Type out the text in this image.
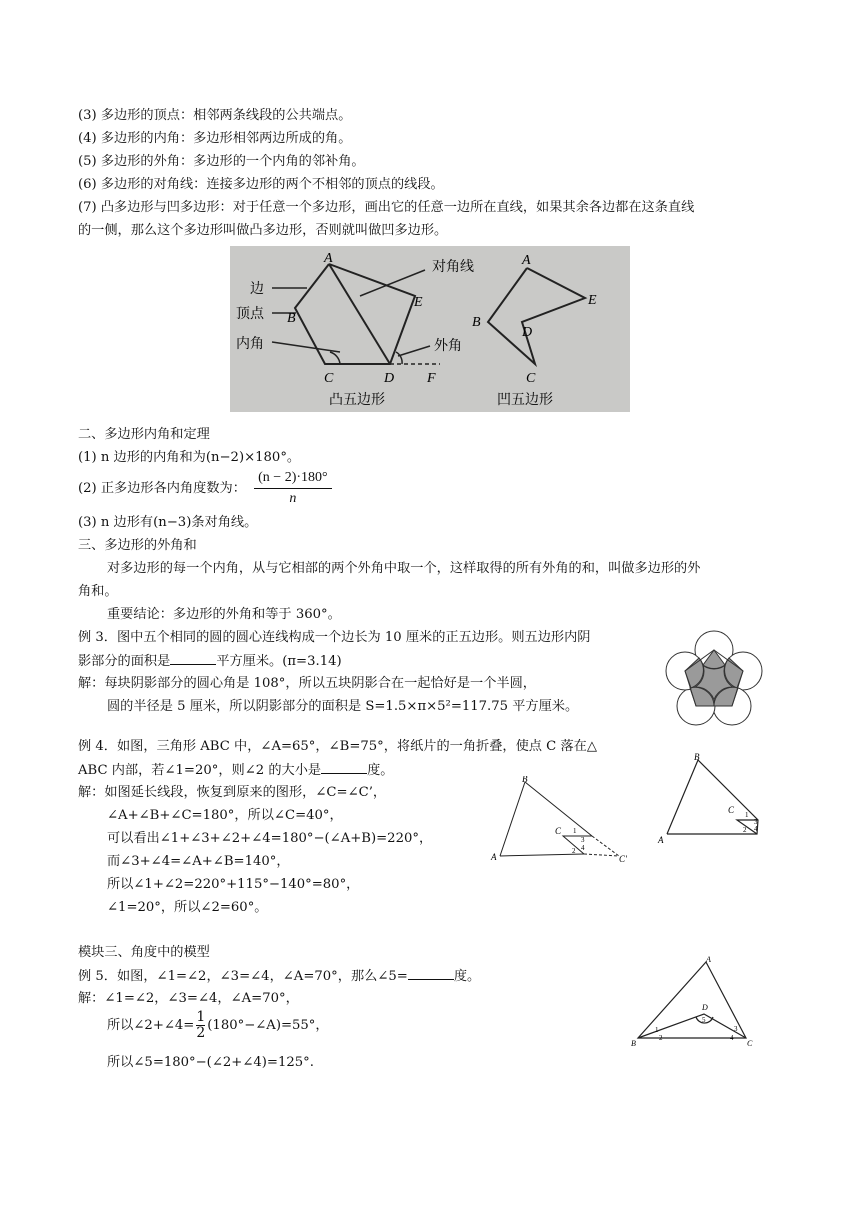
(3) 多边形的顶点：相邻两条线段的公共端点。
(4) 多边形的内角：多边形相邻两边所成的角。
(5) 多边形的外角：多边形的一个内角的邻补角。
(6) 多边形的对角线：连接多边形的两个不相邻的顶点的线段。
(7) 凸多边形与凹多边形：对于任意一个多边形，画出它的任意一边所在直线，如果其余各边都在这条直线
的一侧，那么这个多边形叫做凸多边形，否则就叫做凹多边形。
边
顶点
内角
对角线
外角
凸五边形	凹五边形
A
E
B
C	D F
A
E
B
D
C
二、多边形内角和定理
(1) n 边形的内角和为(n−2)×180°。
(2) 正多边形各内角度数为： $\frac{(n - 2)\cdot 180^\circ}{n}$
(3) n 边形有(n−3)条对角线。
三、多边形的外角和
对多边形的每一个内角，从与它相部的两个外角中取一个，这样取得的所有外角的和，叫做多边形的外
角和。
重要结论：多边形的外角和等于 360°。
例 3．图中五个相同的圆的圆心连线构成一个边长为 10 厘米的正五边形。则五边形内阴
影部分的面积是	平方厘米。(π=3.14)
解：每块阴影部分的圆心角是 108°，所以五块阴影合在一起恰好是一个半圆，
圆的半径是 5 厘米，所以阴影部分的面积是 S=1.5×π×5²=117.75 平方厘米。
例 4．如图，三角形 ABC 中，∠A=65°，∠B=75°，将纸片的一角折叠，使点 C 落在△
ABC 内部，若∠1=20°，则∠2 的大小是	度。
解：如图延长线段，恢复到原来的图形，∠C=∠C’，
∠A+∠B+∠C=180°，所以∠C=40°，
可以看出∠1+∠3+∠2+∠4=180°−(∠A+B)=220°，
而∠3+∠4=∠A+∠B=140°，
所以∠1+∠2=220°+115°−140°=80°，
∠1=20°，所以∠2=60°。
B
A
C
C'
1
3
4
2
B
A
C 1
3
4
2
模块三、角度中的模型
例 5．如图，∠1=∠2，∠3=∠4，∠A=70°，那么∠5=	度。
解：∠1=∠2，∠3=∠4，∠A=70°，
所以∠2+∠4= $\frac{1}{2}$ (180°−∠A)=55°，
所以∠5=180°−(∠2+∠4)=125°.
A
B	C
D
1
2
3
4
5
